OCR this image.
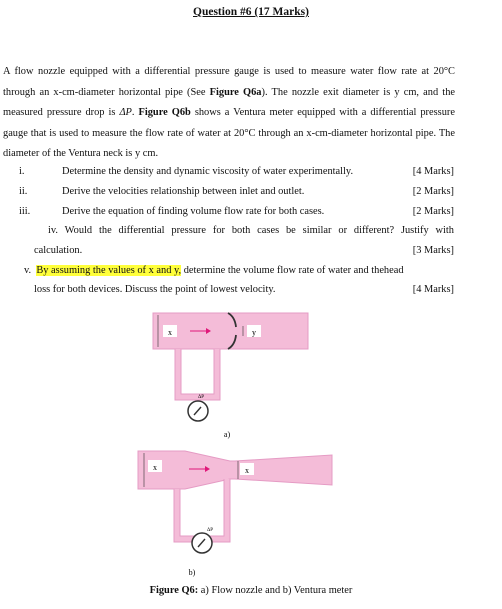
Question #6 (17 Marks)
A flow nozzle equipped with a differential pressure gauge is used to measure water flow rate at 20°C through an x-cm-diameter horizontal pipe (See Figure Q6a). The nozzle exit diameter is y cm, and the measured pressure drop is ΔP. Figure Q6b shows a Ventura meter equipped with a differential pressure gauge that is used to measure the flow rate of water at 20°C through an x-cm-diameter horizontal pipe. The diameter of the Ventura neck is y cm.
i.	Determine the density and dynamic viscosity of water experimentally.	[4 Marks]
ii.	Derive the velocities relationship between inlet and outlet.	[2 Marks]
iii.	Derive the equation of finding volume flow rate for both cases.	[2 Marks]
iv. Would the differential pressure for both cases be similar or different? Justify with
calculation.	[3 Marks]
v. By assuming the values of x and y, determine the volume flow rate of water and thehead
loss for both devices. Discuss the point of lowest velocity.	[4 Marks]
x	y
ΔP
a)
x	x
ΔP
b)
Figure Q6: a) Flow nozzle and b) Ventura meter
